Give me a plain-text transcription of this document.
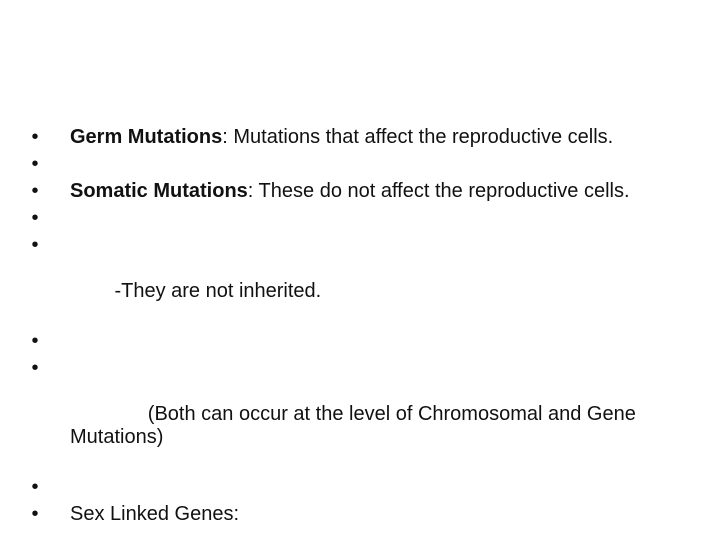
• Germ Mutations: Mutations that affect the reproductive cells.
•
• Somatic Mutations: These do not affect the reproductive cells.
•

•

-They are not inherited.

•

•

(Both can occur at the level of Chromosomal and Gene Mutations)

•
• Sex Linked Genes:
